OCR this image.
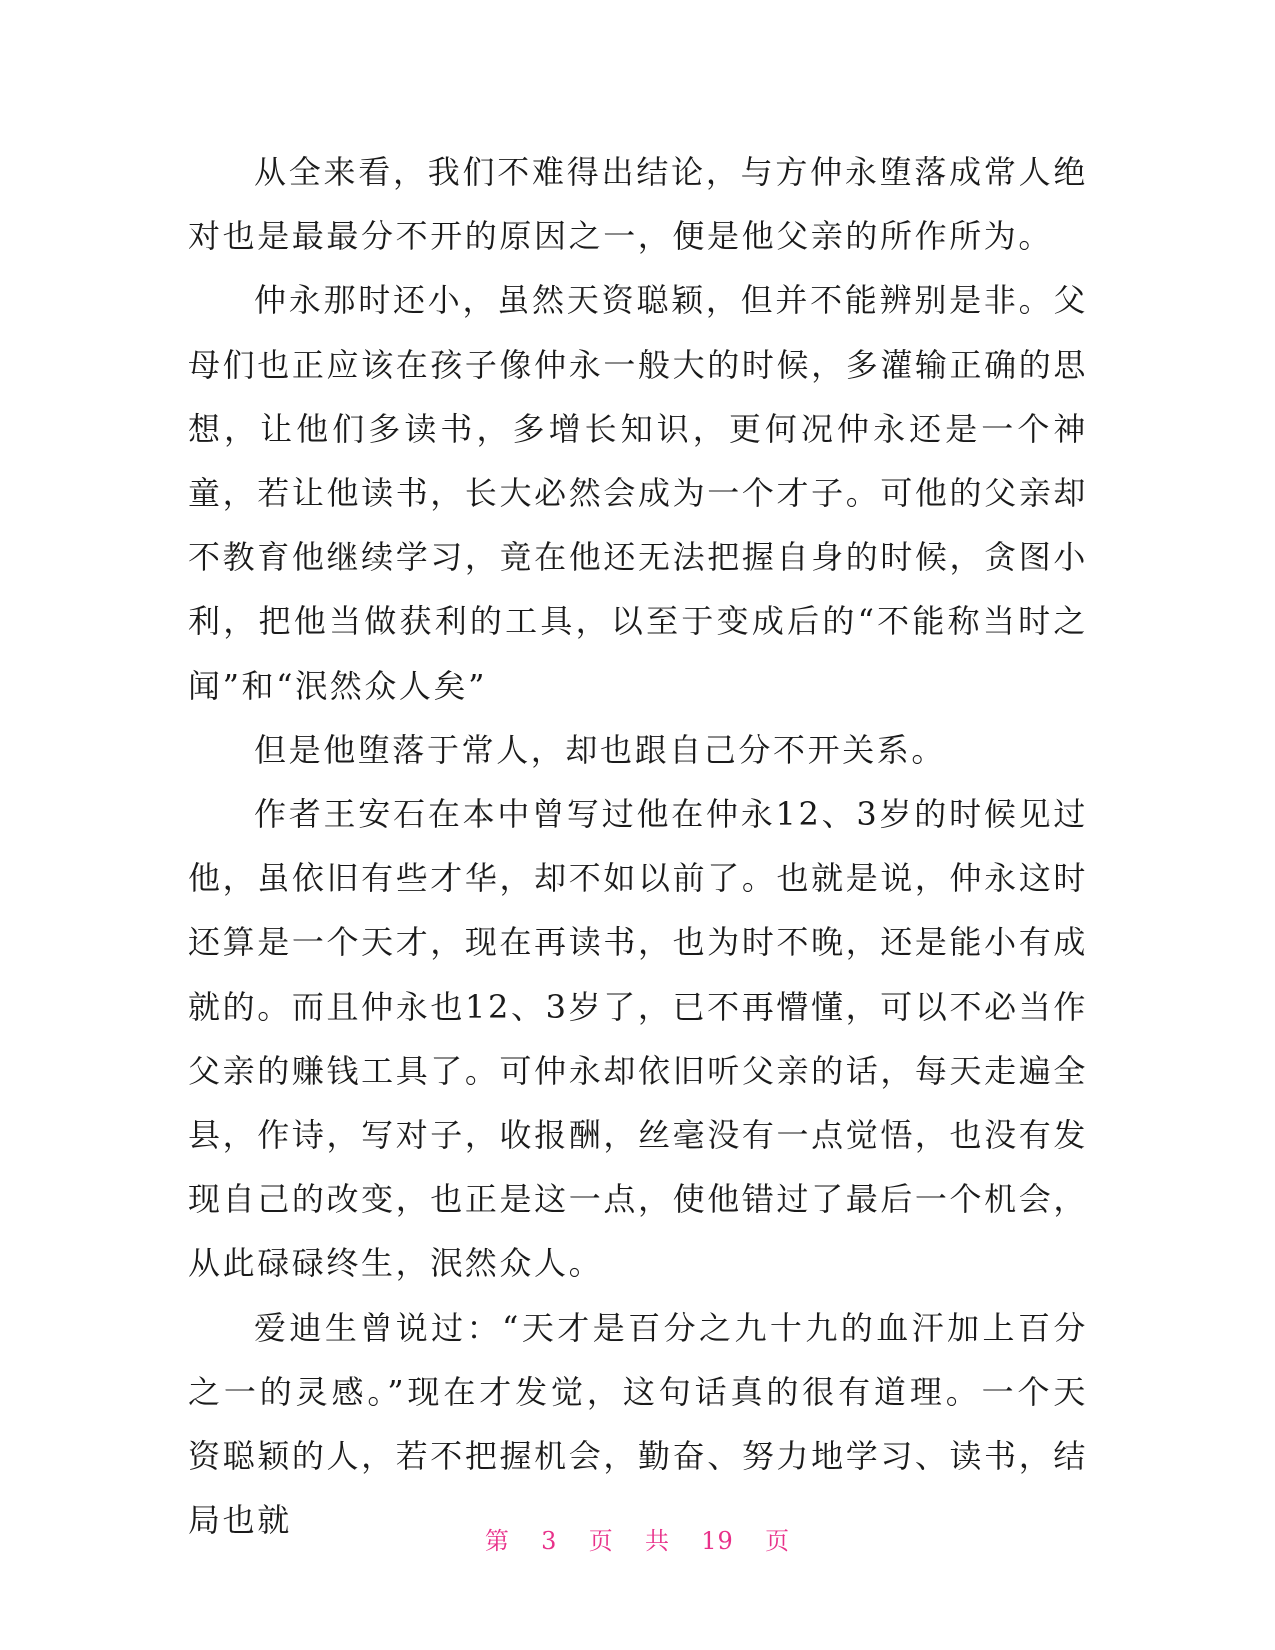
从全来看，我们不难得出结论，与方仲永堕落成常人绝对也是最最分不开的原因之一，便是他父亲的所作所为。

仲永那时还小，虽然天资聪颖，但并不能辨别是非。父母们也正应该在孩子像仲永一般大的时候，多灌输正确的思想，让他们多读书，多增长知识，更何况仲永还是一个神童，若让他读书，长大必然会成为一个才子。可他的父亲却不教育他继续学习，竟在他还无法把握自身的时候，贪图小利，把他当做获利的工具，以至于变成后的“不能称当时之闻”和“泯然众人矣”

但是他堕落于常人，却也跟自己分不开关系。

作者王安石在本中曾写过他在仲永12、3岁的时候见过他，虽依旧有些才华，却不如以前了。也就是说，仲永这时还算是一个天才，现在再读书，也为时不晚，还是能小有成就的。而且仲永也12、3岁了，已不再懵懂，可以不必当作父亲的赚钱工具了。可仲永却依旧听父亲的话，每天走遍全县，作诗，写对子，收报酬，丝毫没有一点觉悟，也没有发现自己的改变，也正是这一点，使他错过了最后一个机会，从此碌碌终生，泯然众人。

爱迪生曾说过：“天才是百分之九十九的血汗加上百分之一的灵感。”现在才发觉，这句话真的很有道理。一个天资聪颖的人，若不把握机会，勤奋、努力地学习、读书，结局也就

第 3 页 共 19 页
